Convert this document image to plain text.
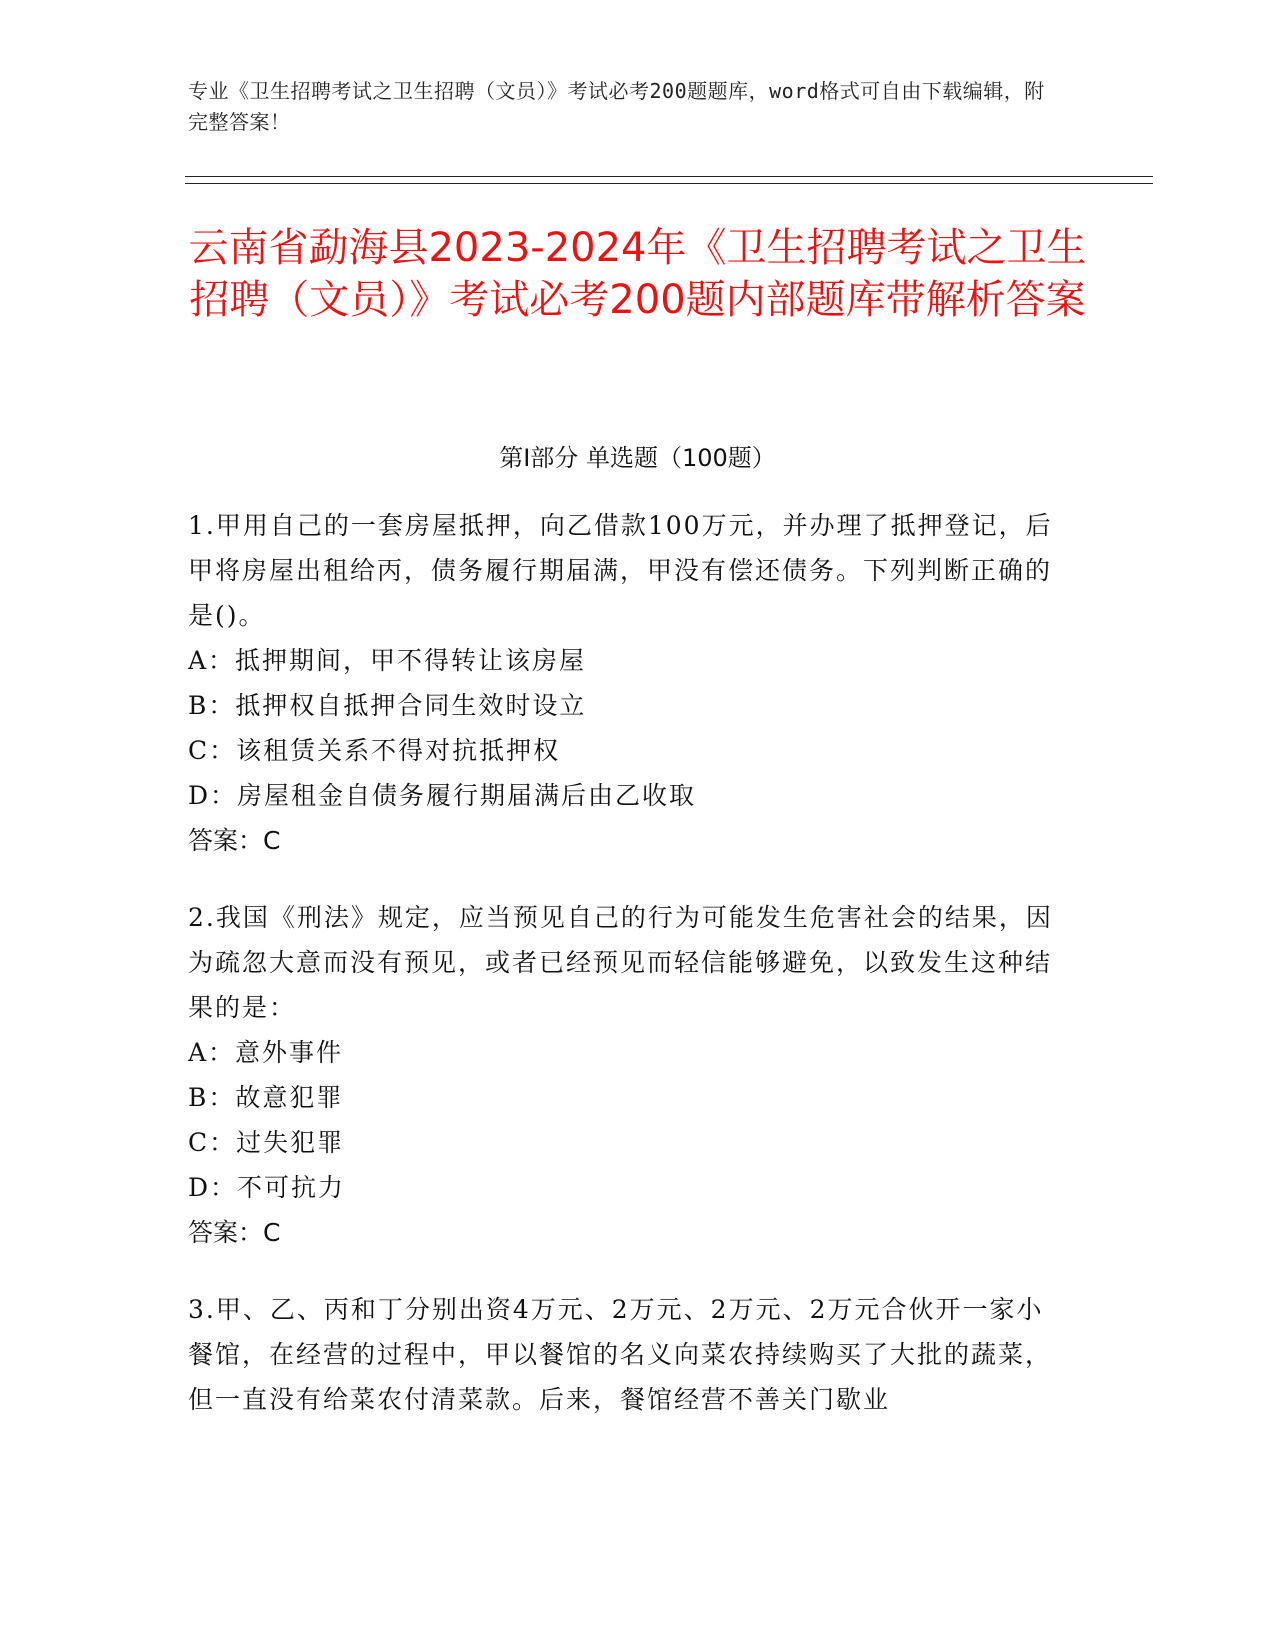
专业《卫生招聘考试之卫生招聘（文员）》考试必考200题题库，word格式可自由下载编辑，附完整答案！
云南省勐海县2023-2024年《卫生招聘考试之卫生招聘（文员）》考试必考200题内部题库带解析答案
第Ⅰ部分 单选题（100题）
1.甲用自己的一套房屋抵押，向乙借款100万元，并办理了抵押登记，后甲将房屋出租给丙，债务履行期届满，甲没有偿还债务。下列判断正确的是()。
A：抵押期间，甲不得转让该房屋
B：抵押权自抵押合同生效时设立
C：该租赁关系不得对抗抵押权
D：房屋租金自债务履行期届满后由乙收取
答案：C
2.我国《刑法》规定，应当预见自己的行为可能发生危害社会的结果，因为疏忽大意而没有预见，或者已经预见而轻信能够避免，以致发生这种结果的是：
A：意外事件
B：故意犯罪
C：过失犯罪
D：不可抗力
答案：C
3.甲、乙、丙和丁分别出资4万元、2万元、2万元、2万元合伙开一家小餐馆，在经营的过程中，甲以餐馆的名义向菜农持续购买了大批的蔬菜，但一直没有给菜农付清菜款。后来，餐馆经营不善关门歇业
